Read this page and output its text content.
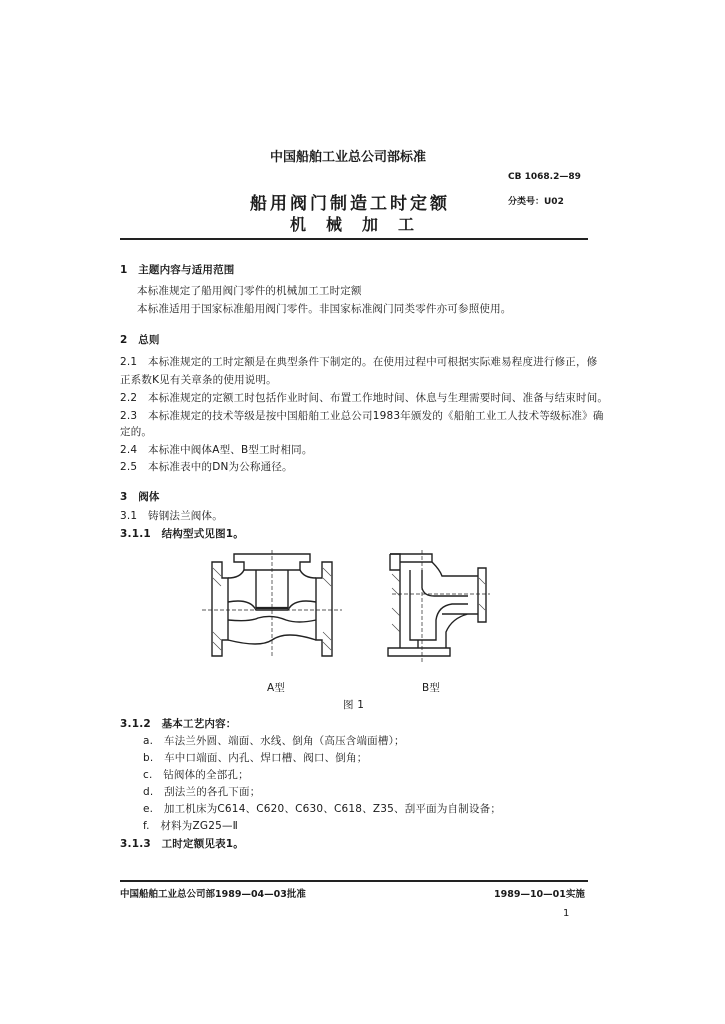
中国船舶工业总公司部标准
CB 1068.2—89
船用阀门制造工时定额	分类号：U02
机　械　加　工
1　主题内容与适用范围
本标准规定了船用阀门零件的机械加工工时定额
本标准适用于国家标准船用阀门零件。非国家标准阀门同类零件亦可参照使用。
2　总则
2.1　本标准规定的工时定额是在典型条件下制定的。在使用过程中可根据实际难易程度进行修正，修
正系数K见有关章条的使用说明。
2.2　本标准规定的定额工时包括作业时间、布置工作地时间、休息与生理需要时间、准备与结束时间。
2.3　本标准规定的技术等级是按中国船舶工业总公司1983年颁发的《船舶工业工人技术等级标准》确
定的。
2.4　本标准中阀体A型、B型工时相同。
2.5　本标准表中的DN为公称通径。
3　阀体
3.1　铸钢法兰阀体。
3.1.1　结构型式见图1。
A型	B型
图 1
3.1.2　基本工艺内容：
a.　车法兰外圆、端面、水线、倒角（高压含端面槽）；
b.　车中口端面、内孔、焊口槽、阀口、倒角；
c.　钻阀体的全部孔；
d.　刮法兰的各孔下面；
e.　加工机床为C614、C620、C630、C618、Z35、刮平面为自制设备；
f.　材料为ZG25—Ⅱ
3.1.3　工时定额见表1。
中国船舶工业总公司部1989—04—03批准	1989—10—01实施
1
